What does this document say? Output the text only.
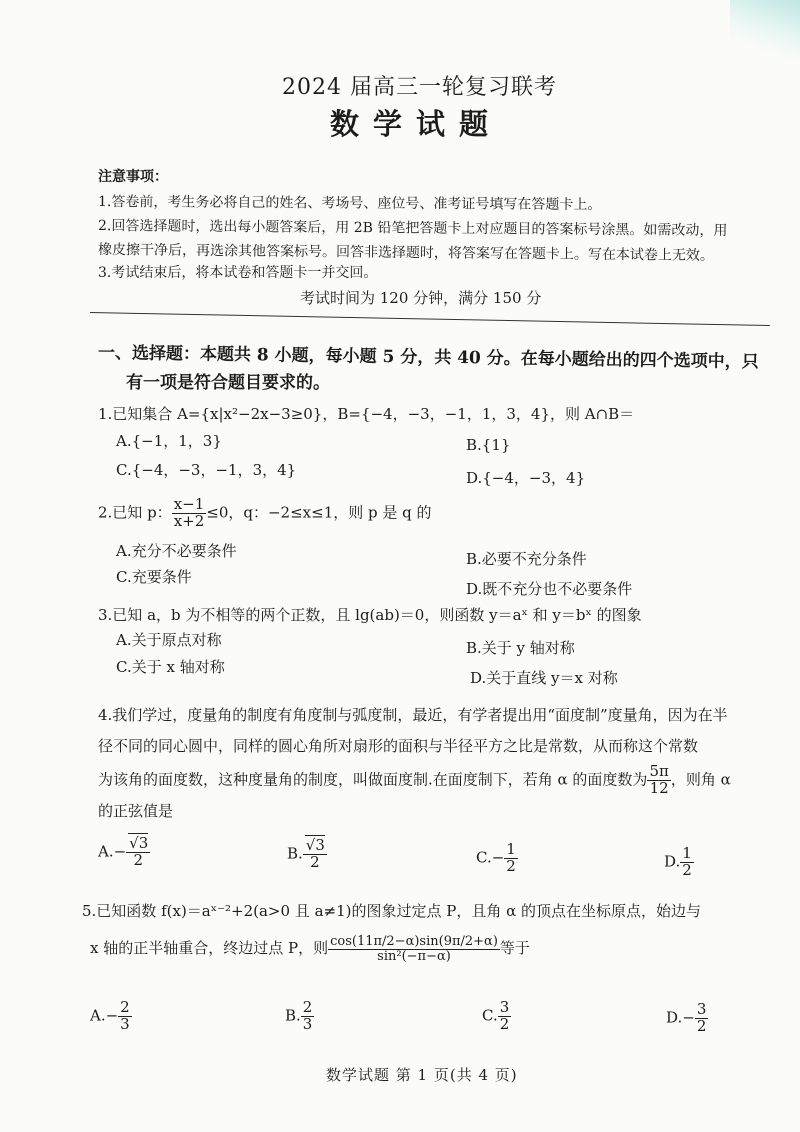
2024 届高三一轮复习联考
数学试题
注意事项：
1.答卷前，考生务必将自己的姓名、考场号、座位号、准考证号填写在答题卡上。
2.回答选择题时，选出每小题答案后，用 2B 铅笔把答题卡上对应题目的答案标号涂黑。如需改动，用
橡皮擦干净后，再选涂其他答案标号。回答非选择题时，将答案写在答题卡上。写在本试卷上无效。
3.考试结束后，将本试卷和答题卡一并交回。
考试时间为 120 分钟，满分 150 分
一、选择题：本题共 8 小题，每小题 5 分，共 40 分。在每小题给出的四个选项中，只
有一项是符合题目要求的。
1.已知集合 A={x|x²−2x−3≥0}，B={−4，−3，−1，1，3，4}，则 A∩B＝
A.{−1，1，3}	B.{1}
C.{−4，−3，−1，3，4}	D.{−4，−3，4}
2.已知 p： $\frac{x-1}{x+2} \le 0$，q：−2≤x≤1，则 p 是 q 的
A.充分不必要条件	B.必要不充分条件
C.充要条件
D.既不充分也不必要条件
3.已知 a，b 为不相等的两个正数，且 lg(ab)＝0，则函数 y＝aˣ 和 y＝bˣ 的图象
A.关于原点对称	B.关于 y 轴对称
C.关于 x 轴对称
D.关于直线 y＝x 对称
4.我们学过，度量角的制度有角度制与弧度制，最近，有学者提出用“面度制”度量角，因为在半
径不同的同心圆中，同样的圆心角所对扇形的面积与半径平方之比是常数，从而称这个常数
为该角的面度数，这种度量角的制度，叫做面度制.在面度制下，若角 α 的面度数为 $\frac{5\pi}{12}$ ，则角 α
的正弦值是
$A.- \frac{√3}{2}$	B. $\frac{√3}{2}$	$C.- \frac{1}{2}$	D. $\frac{1}{2}$
5.已知函数 f(x)＝aˣ⁻²+2(a>0 且 a≠1)的图象过定点 P，且角 α 的顶点在坐标原点，始边与
x 轴的正半轴重合，终边过点 P，则 $\frac{\cos(11\pi/2-\alpha)\sin(9\pi/2+\alpha)}{\text{sin²(−π−α)}}$ 等于
$A.- \frac{2}{3}$	B. $\frac{2}{3}$	C. $\frac{3}{2}$	$D.- \frac{3}{2}$
数学试题 第 1 页(共 4 页)
